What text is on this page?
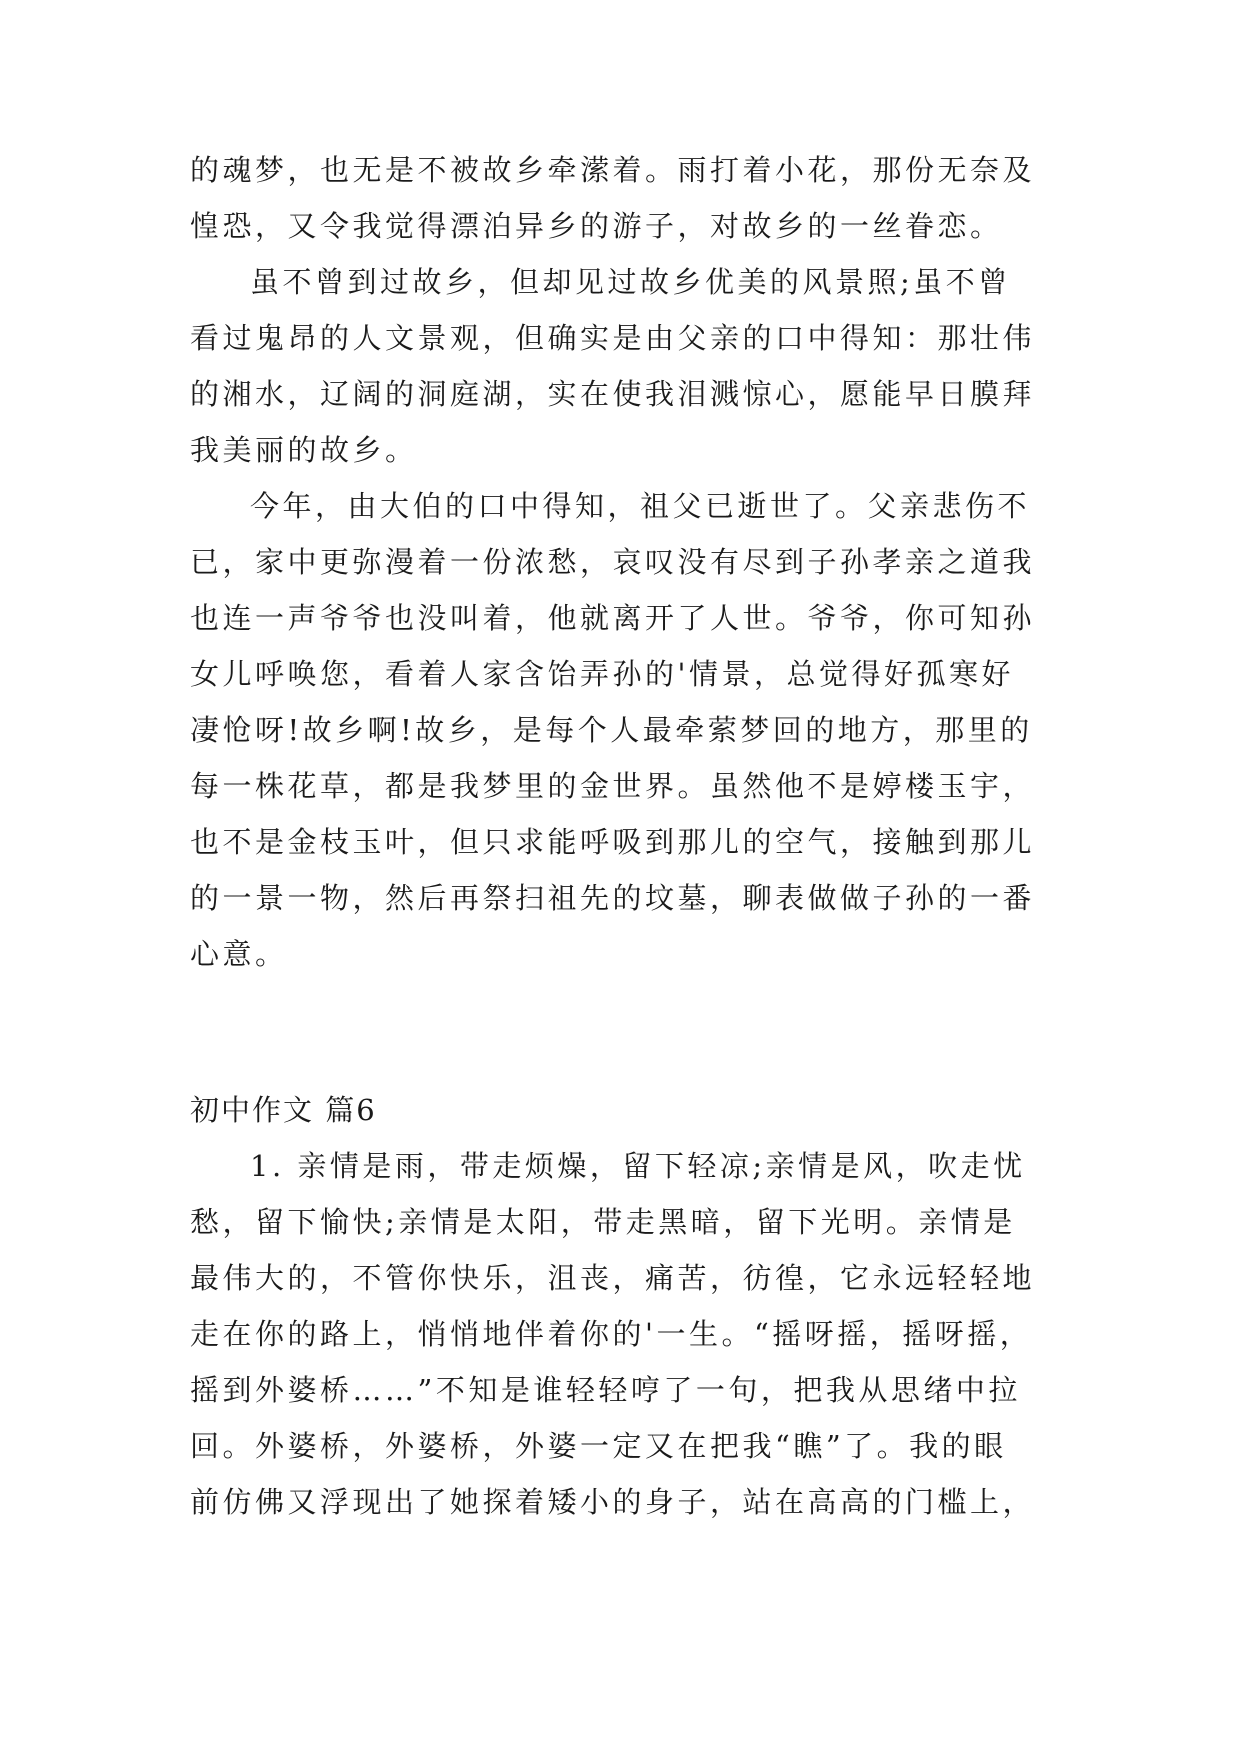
的魂梦，也无是不被故乡牵潆着。雨打着小花，那份无奈及
惶恐，又令我觉得漂泊异乡的游子，对故乡的一丝眷恋。
虽不曾到过故乡，但却见过故乡优美的风景照;虽不曾
看过鬼昂的人文景观，但确实是由父亲的口中得知：那壮伟
的湘水，辽阔的洞庭湖，实在使我泪溅惊心，愿能早日膜拜
我美丽的故乡。
今年，由大伯的口中得知，祖父已逝世了。父亲悲伤不
已，家中更弥漫着一份浓愁，哀叹没有尽到子孙孝亲之道我
也连一声爷爷也没叫着，他就离开了人世。爷爷，你可知孙
女儿呼唤您，看着人家含饴弄孙的'情景，总觉得好孤寒好
凄怆呀!故乡啊!故乡，是每个人最牵萦梦回的地方，那里的
每一株花草，都是我梦里的金世界。虽然他不是婷楼玉宇，
也不是金枝玉叶，但只求能呼吸到那儿的空气，接触到那儿
的一景一物，然后再祭扫祖先的坟墓，聊表做做子孙的一番
心意。
初中作文 篇6
1. 亲情是雨，带走烦燥，留下轻凉;亲情是风，吹走忧
愁，留下愉快;亲情是太阳，带走黑暗，留下光明。亲情是
最伟大的，不管你快乐，沮丧，痛苦，彷徨，它永远轻轻地
走在你的路上，悄悄地伴着你的'一生。“摇呀摇，摇呀摇，
摇到外婆桥……”不知是谁轻轻哼了一句，把我从思绪中拉
回。外婆桥，外婆桥，外婆一定又在把我“瞧”了。我的眼
前仿佛又浮现出了她探着矮小的身子，站在高高的门槛上，
